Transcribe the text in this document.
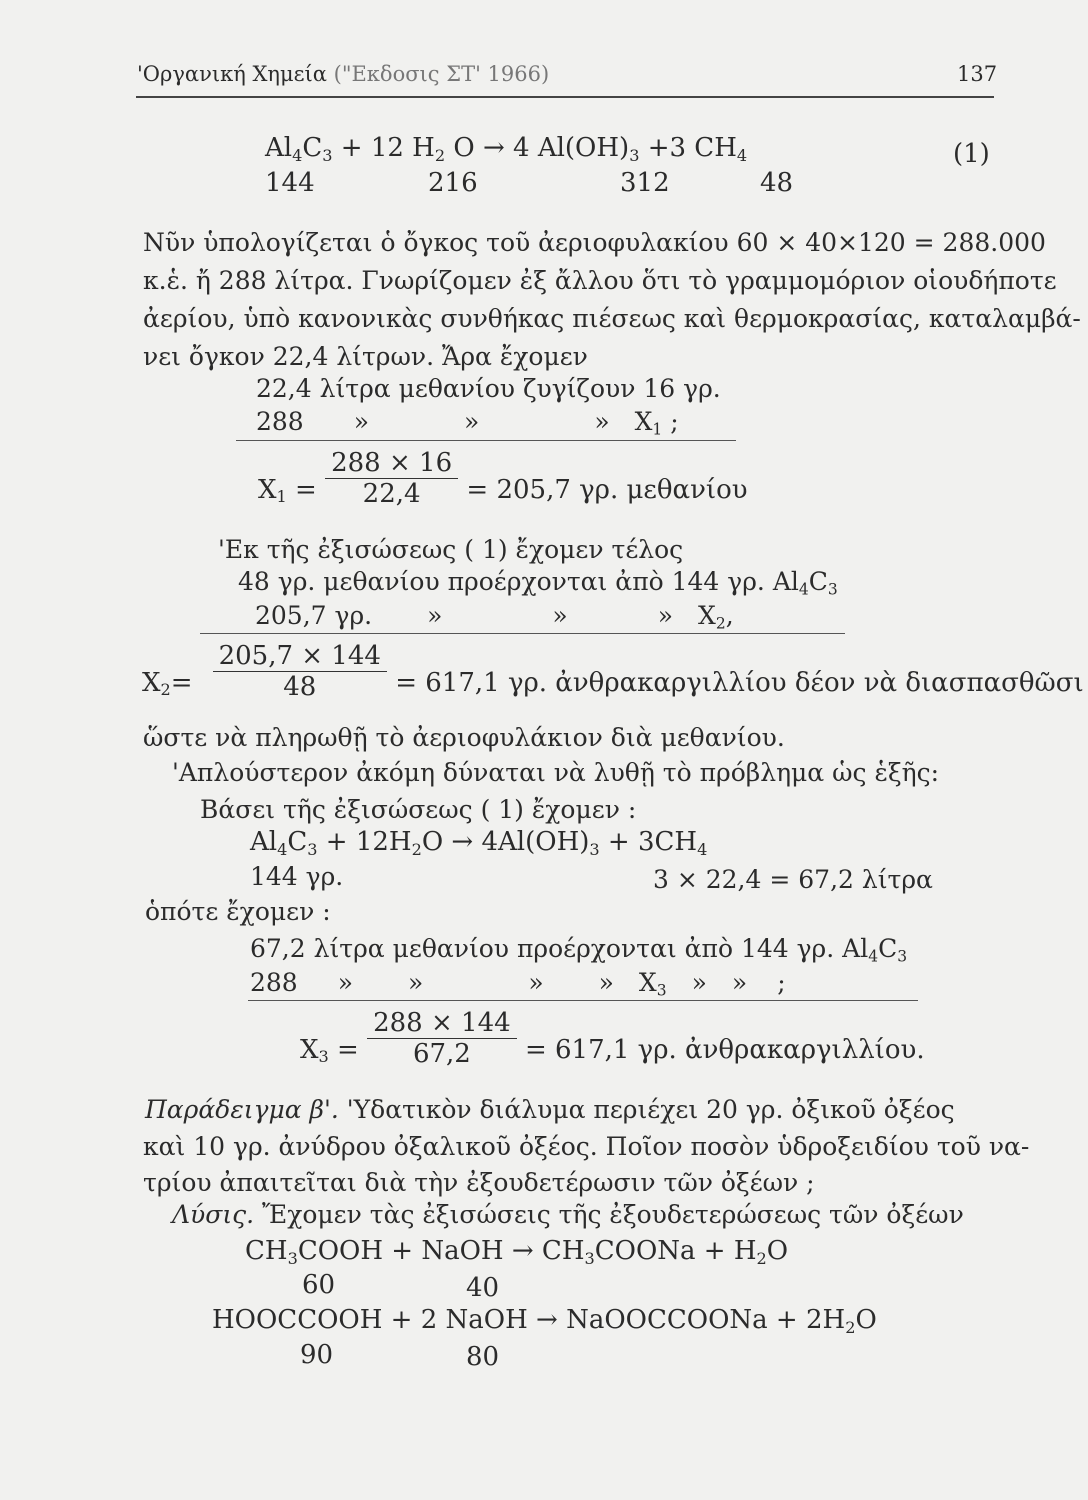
'Οργανική Χημεία ("Εκδοσις ΣΤ' 1966)	137
$Al_4C_3 + 12$ $H_2$ O → 4 $Al(OH)_3 +3$ $CH_4$	(1)
144	216	312	48
Νῦν ὑπολογίζεται ὁ ὄγκος τοῦ ἀεριοφυλακίου 60 × 40×120 = 288.000
κ.ἑ. ἤ 288 λίτρα. Γνωρίζομεν ἐξ ἄλλου ὅτι τὸ γραμμομόριον οἱουδήποτε
ἀερίου, ὑπὸ κανονικὰς συνθήκας πιέσεως καὶ θερμοκρασίας, καταλαμβά-
νει ὄγκον 22,4 λίτρων. Ἄρα ἔχομεν
22,4 λίτρα μεθανίου ζυγίζουν 16 γρ.
288 »	»	» $X_1$ ;
$X_1 = \frac{288 \times 16}{22,4} = 205,7$ γρ. μεθανίου
'Εκ τῆς ἐξισώσεως ( 1) ἔχομεν τέλος
48 γρ. μεθανίου προέρχονται ἀπὸ 144 γρ. $Al_4C_3$
205,7 γρ. »	»	» $X_2$,
$X_2= \frac{205,7 \times 144}{48} = 617,1$ γρ. ἀνθρακαργιλλίου δέον νὰ διασπασθῶσι
ὥστε νὰ πληρωθῇ τὸ ἀεριοφυλάκιον διὰ μεθανίου.
'Απλούστερον ἀκόμη δύναται νὰ λυθῇ τὸ πρόβλημα ὡς ἑξῆς:
Βάσει τῆς ἐξισώσεως ( 1) ἔχομεν :
$Al_4C_3 + 12H_2O \to 4Al(OH)_3 + 3CH_4$
144 γρ.	3 × 22,4 = 67,2 λίτρα
ὁπότε ἔχομεν :
67,2 λίτρα μεθανίου προέρχονται ἀπὸ 144 γρ. $Al_4C_3$
288 » »	» » $X_3$ » » ;
$X_3 = \frac{288 \times 144}{67,2} = 617,1$ γρ. ἀνθρακαργιλλίου.
Παράδειγμα β'. 'Υδατικὸν διάλυμα περιέχει 20 γρ. ὀξικοῦ ὀξέος
καὶ 10 γρ. ἀνύδρου ὀξαλικοῦ ὀξέος. Ποῖον ποσὸν ὑδροξειδίου τοῦ να-
τρίου ἀπαιτεῖται διὰ τὴν ἐξουδετέρωσιν τῶν ὀξέων ;
Λύσις. Ἔχομεν τὰς ἐξισώσεις τῆς ἐξουδετερώσεως τῶν ὀξέων
$CH_3COOH$ + NaOH → $CH_3COONa + H_2O$
60	40
HOOCCOOH + 2 NaOH → NaOOCCOONa + $2H_2O$
90	80
